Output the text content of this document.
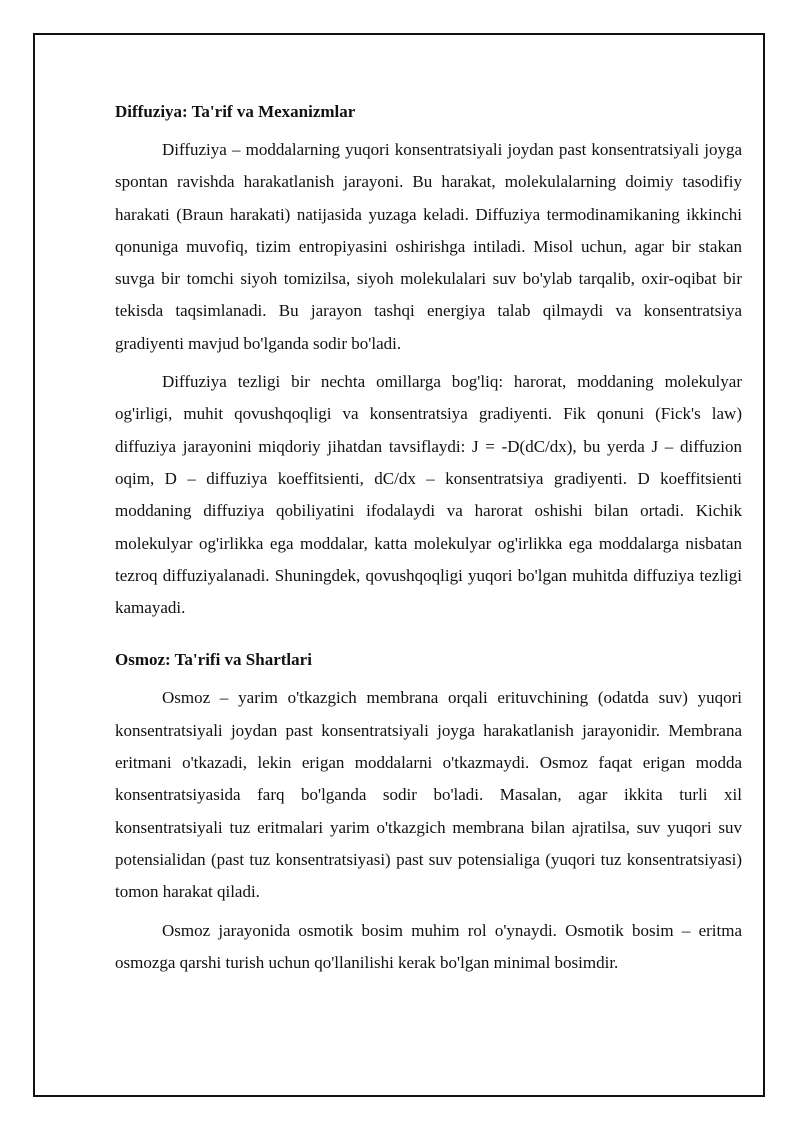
Diffuziya: Ta'rif va Mexanizmlar

Diffuziya – moddalarning yuqori konsentratsiyali joydan past konsentratsiyali joyga spontan ravishda harakatlanish jarayoni. Bu harakat, molekulalarning doimiy tasodifiy harakati (Braun harakati) natijasida yuzaga keladi. Diffuziya termodinamikaning ikkinchi qonuniga muvofiq, tizim entropiyasini oshirishga intiladi. Misol uchun, agar bir stakan suvga bir tomchi siyoh tomizilsa, siyoh molekulalari suv bo'ylab tarqalib, oxir-oqibat bir tekisda taqsimlanadi. Bu jarayon tashqi energiya talab qilmaydi va konsentratsiya gradiyenti mavjud bo'lganda sodir bo'ladi.

Diffuziya tezligi bir nechta omillarga bog'liq: harorat, moddaning molekulyar og'irligi, muhit qovushqoqligi va konsentratsiya gradiyenti. Fik qonuni (Fick's law) diffuziya jarayonini miqdoriy jihatdan tavsiflaydi: J = -D(dC/dx), bu yerda J – diffuzion oqim, D – diffuziya koeffitsienti, dC/dx – konsentratsiya gradiyenti. D koeffitsienti moddaning diffuziya qobiliyatini ifodalaydi va harorat oshishi bilan ortadi. Kichik molekulyar og'irlikka ega moddalar, katta molekulyar og'irlikka ega moddalarga nisbatan tezroq diffuziyalanadi. Shuningdek, qovushqoqligi yuqori bo'lgan muhitda diffuziya tezligi kamayadi.

Osmoz: Ta'rifi va Shartlari

Osmoz – yarim o'tkazgich membrana orqali erituvchining (odatda suv) yuqori konsentratsiyali joydan past konsentratsiyali joyga harakatlanish jarayonidir. Membrana eritmani o'tkazadi, lekin erigan moddalarni o'tkazmaydi. Osmoz faqat erigan modda konsentratsiyasida farq bo'lganda sodir bo'ladi. Masalan, agar ikkita turli xil konsentratsiyali tuz eritmalari yarim o'tkazgich membrana bilan ajratilsa, suv yuqori suv potensialidan (past tuz konsentratsiyasi) past suv potensialiga (yuqori tuz konsentratsiyasi) tomon harakat qiladi.

Osmoz jarayonida osmotik bosim muhim rol o'ynaydi. Osmotik bosim – eritma osmozga qarshi turish uchun qo'llanilishi kerak bo'lgan minimal bosimdir.
